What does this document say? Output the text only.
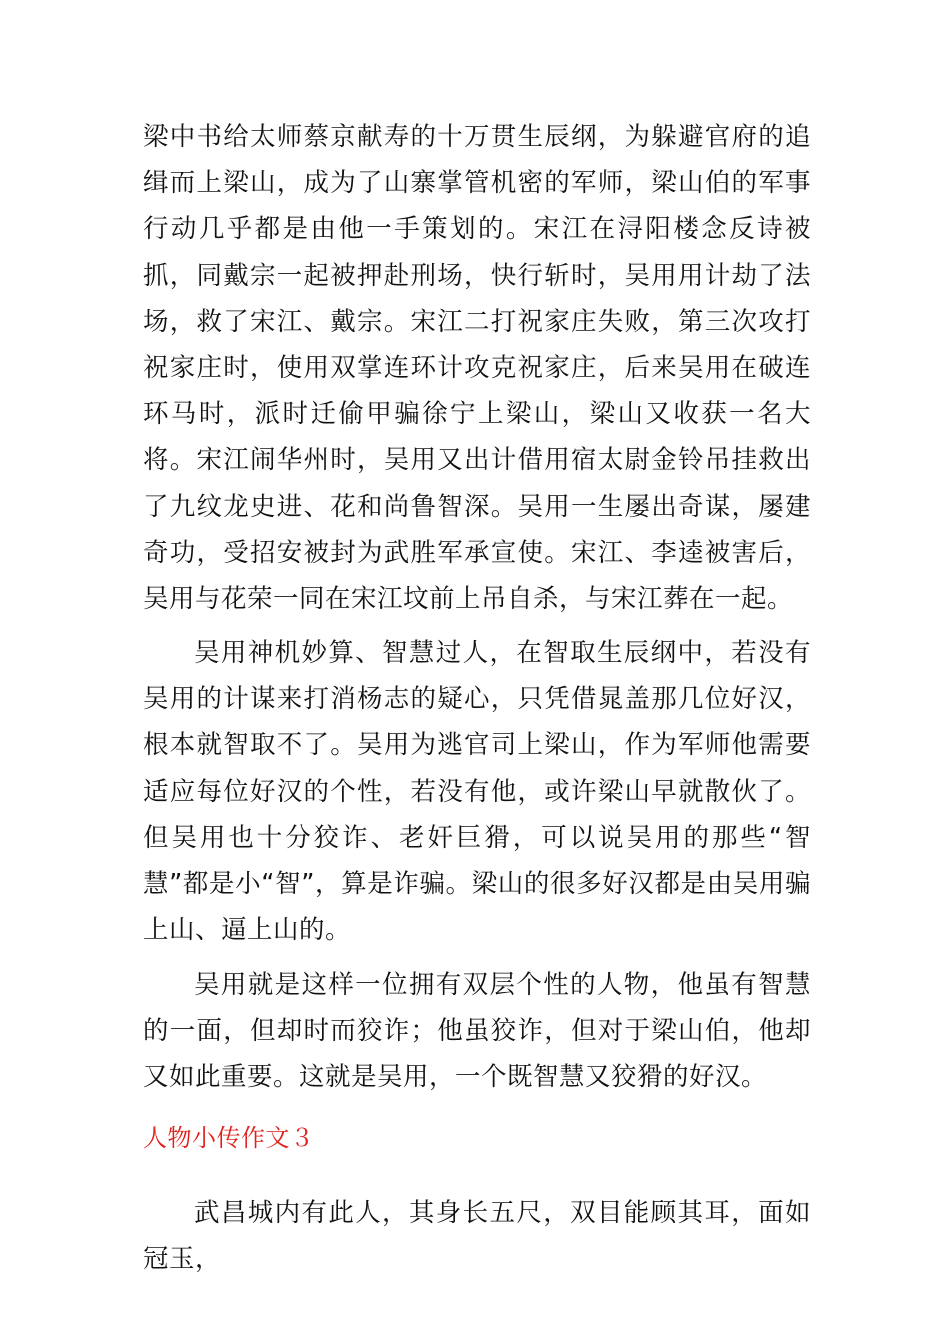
梁中书给太师蔡京献寿的十万贯生辰纲，为躲避官府的追缉而上梁山，成为了山寨掌管机密的军师，梁山伯的军事行动几乎都是由他一手策划的。宋江在浔阳楼念反诗被抓，同戴宗一起被押赴刑场，快行斩时，吴用用计劫了法场，救了宋江、戴宗。宋江二打祝家庄失败，第三次攻打祝家庄时，使用双掌连环计攻克祝家庄，后来吴用在破连环马时，派时迁偷甲骗徐宁上梁山，梁山又收获一名大将。宋江闹华州时，吴用又出计借用宿太尉金铃吊挂救出了九纹龙史进、花和尚鲁智深。吴用一生屡出奇谋，屡建奇功，受招安被封为武胜军承宣使。宋江、李逵被害后，吴用与花荣一同在宋江坟前上吊自杀，与宋江葬在一起。

吴用神机妙算、智慧过人，在智取生辰纲中，若没有吴用的计谋来打消杨志的疑心，只凭借晁盖那几位好汉，根本就智取不了。吴用为逃官司上梁山，作为军师他需要适应每位好汉的个性，若没有他，或许梁山早就散伙了。但吴用也十分狡诈、老奸巨猾，可以说吴用的那些“智慧”都是小“智”，算是诈骗。梁山的很多好汉都是由吴用骗上山、逼上山的。

吴用就是这样一位拥有双层个性的人物，他虽有智慧的一面，但却时而狡诈；他虽狡诈，但对于梁山伯，他却又如此重要。这就是吴用，一个既智慧又狡猾的好汉。

人物小传作文３

武昌城内有此人，其身长五尺，双目能顾其耳，面如冠玉，
